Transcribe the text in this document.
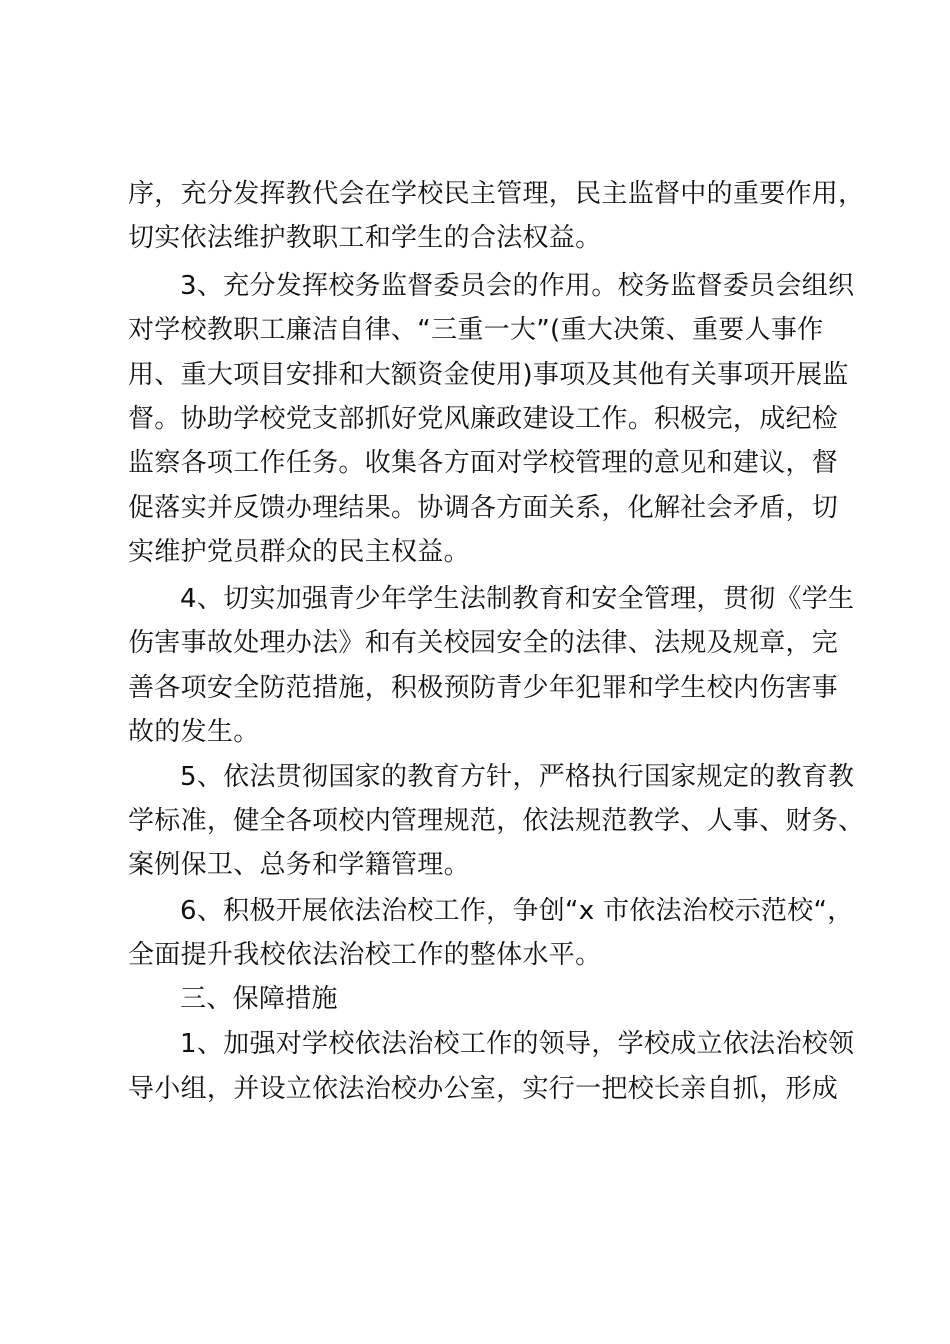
序，充分发挥教代会在学校民主管理，民主监督中的重要作用，
切实依法维护教职工和学生的合法权益。
3、充分发挥校务监督委员会的作用。校务监督委员会组织
对学校教职工廉洁自律、“三重一大”(重大决策、重要人事作
用、重大项目安排和大额资金使用)事项及其他有关事项开展监
督。协助学校党支部抓好党风廉政建设工作。积极完，成纪检
监察各项工作任务。收集各方面对学校管理的意见和建议，督
促落实并反馈办理结果。协调各方面关系，化解社会矛盾，切
实维护党员群众的民主权益。
4、切实加强青少年学生法制教育和安全管理，贯彻《学生
伤害事故处理办法》和有关校园安全的法律、法规及规章，完
善各项安全防范措施，积极预防青少年犯罪和学生校内伤害事
故的发生。
5、依法贯彻国家的教育方针，严格执行国家规定的教育教
学标准，健全各项校内管理规范，依法规范教学、人事、财务、
案例保卫、总务和学籍管理。
6、积极开展依法治校工作，争创“x 市依法治校示范校“，
全面提升我校依法治校工作的整体水平。
三、保障措施
1、加强对学校依法治校工作的领导，学校成立依法治校领
导小组，并设立依法治校办公室，实行一把校长亲自抓，形成
